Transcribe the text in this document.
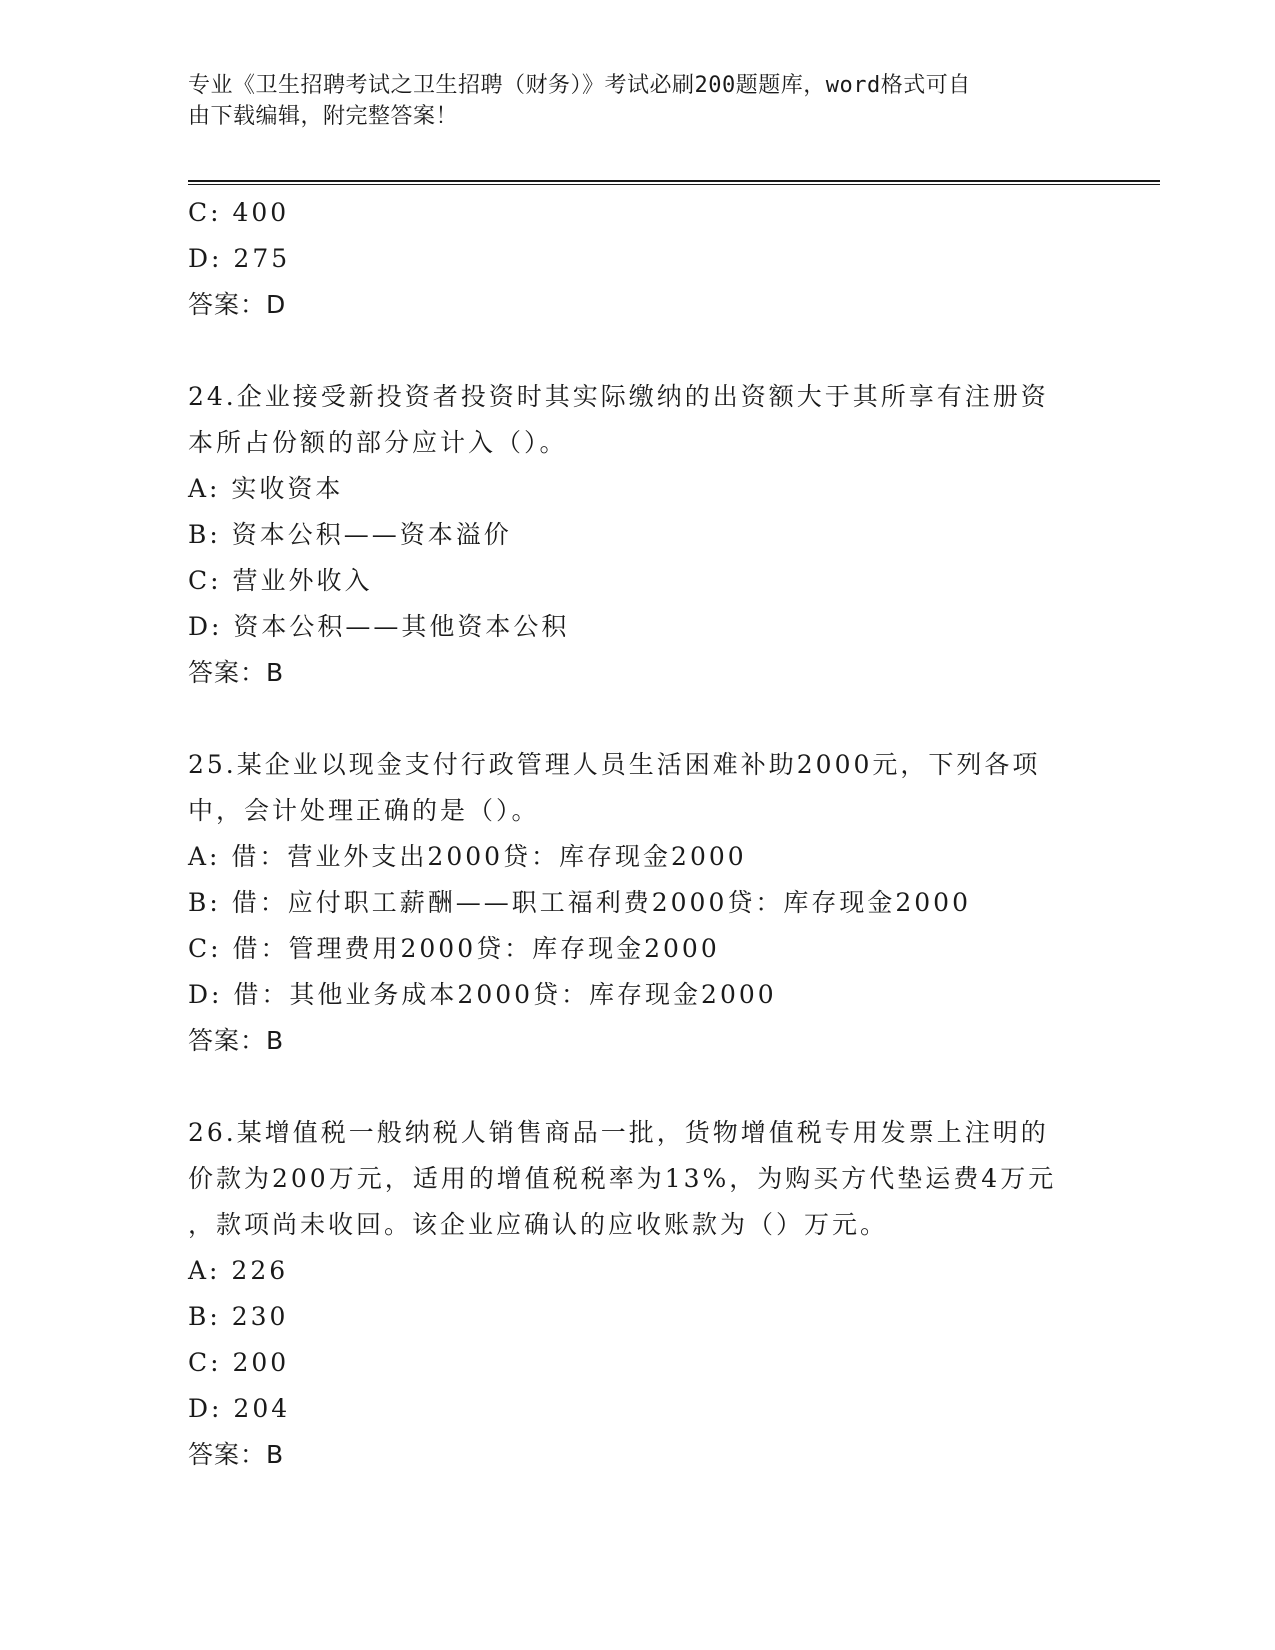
专业《卫生招聘考试之卫生招聘（财务）》考试必刷200题题库，word格式可自
由下载编辑，附完整答案！
C: 400
D: 275
答案：D
24.企业接受新投资者投资时其实际缴纳的出资额大于其所享有注册资
本所占份额的部分应计入（）。
A: 实收资本
B: 资本公积——资本溢价
C: 营业外收入
D: 资本公积——其他资本公积
答案：B
25.某企业以现金支付行政管理人员生活困难补助2000元，下列各项
中，会计处理正确的是（）。
A: 借：营业外支出2000贷：库存现金2000
B: 借：应付职工薪酬——职工福利费2000贷：库存现金2000
C: 借：管理费用2000贷：库存现金2000
D: 借：其他业务成本2000贷：库存现金2000
答案：B
26.某增值税一般纳税人销售商品一批，货物增值税专用发票上注明的
价款为200万元，适用的增值税税率为13%，为购买方代垫运费4万元
，款项尚未收回。该企业应确认的应收账款为（）万元。
A: 226
B: 230
C: 200
D: 204
答案：B
